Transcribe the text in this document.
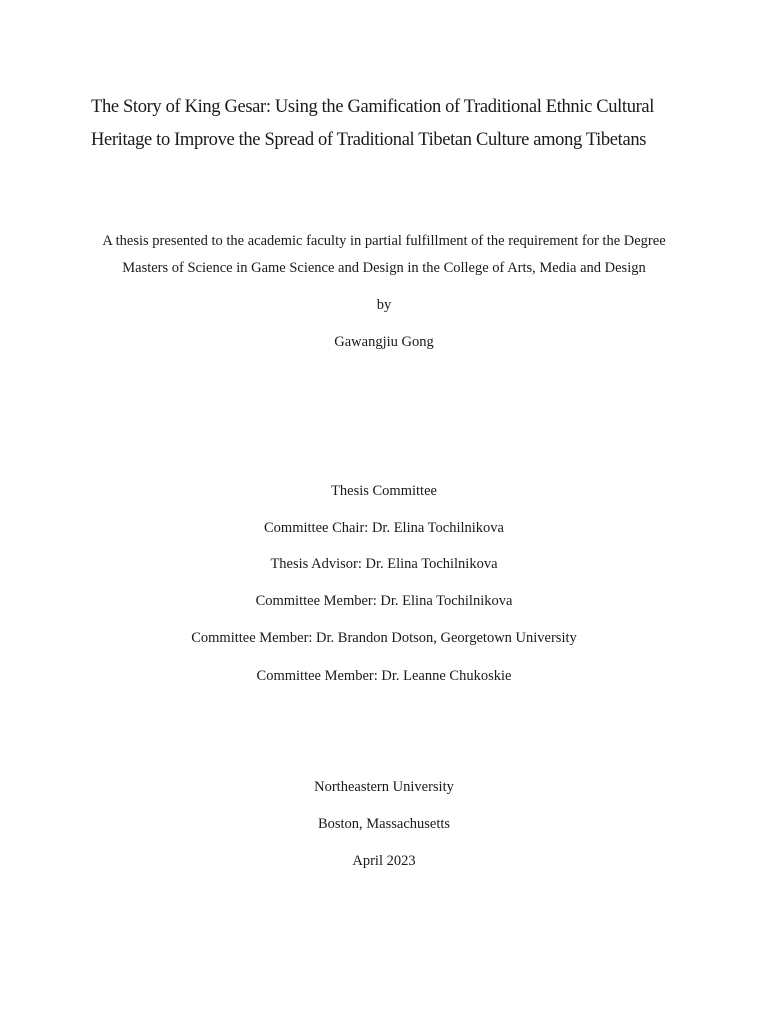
The Story of King Gesar: Using the Gamification of Traditional Ethnic Cultural
Heritage to Improve the Spread of Traditional Tibetan Culture among Tibetans
A thesis presented to the academic faculty in partial fulfillment of the requirement for the Degree
Masters of Science in Game Science and Design in the College of Arts, Media and Design
by
Gawangjiu Gong
Thesis Committee
Committee Chair: Dr. Elina Tochilnikova
Thesis Advisor: Dr. Elina Tochilnikova
Committee Member: Dr. Elina Tochilnikova
Committee Member: Dr. Brandon Dotson, Georgetown University
Committee Member: Dr. Leanne Chukoskie
Northeastern University
Boston, Massachusetts
April 2023
